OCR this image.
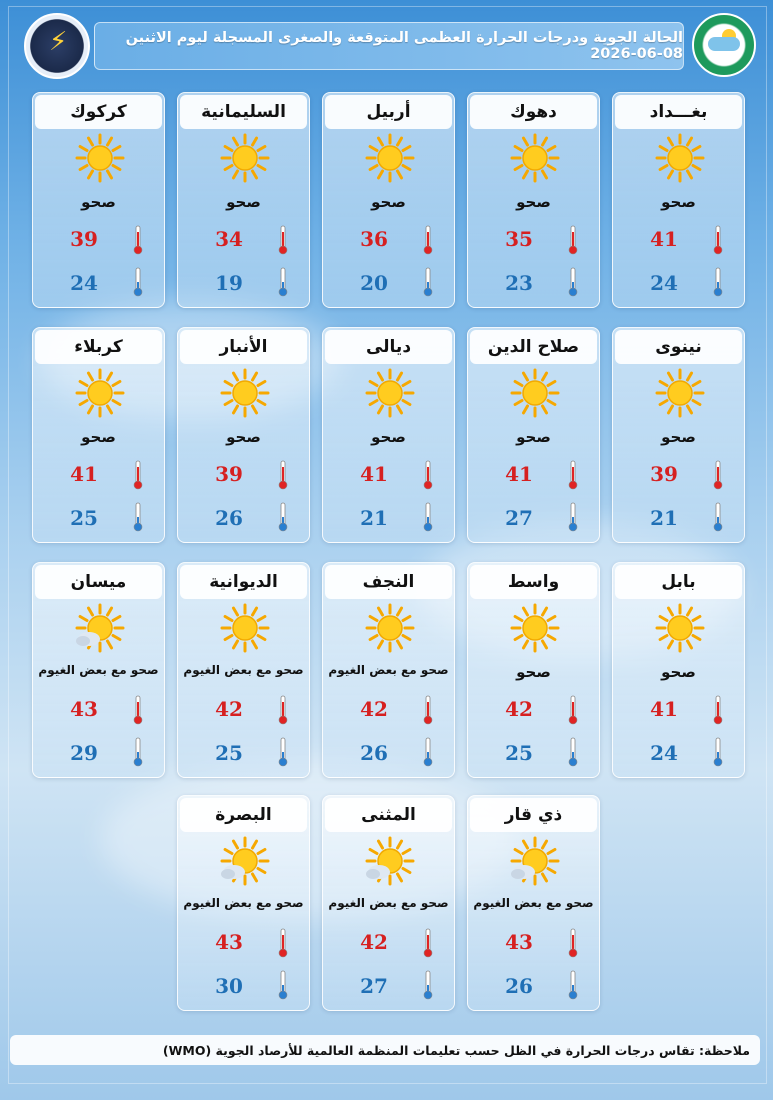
⚡	الحالة الجوية ودرجات الحرارة العظمى المتوقعة والصغرى المسجلة ليوم الاثنين 08-06-2026
بغـــداد
صحو
41
24
دهوك
صحو
35
23
أربيل
صحو
36
20
السليمانية
صحو
34
19
كركوك
صحو
39
24
نينوى
صحو
39
21
صلاح الدين
صحو
41
27
ديالى
صحو
41
21
الأنبار
صحو
39
26
كربلاء
صحو
41
25
بابل
صحو
41
24
واسط
صحو
42
25
النجف
صحو مع بعض الغيوم
42
26
الديوانية
صحو مع بعض الغيوم
42
25
ميسان
صحو مع بعض الغيوم
43
29
ذي قار
صحو مع بعض الغيوم
43
26
المثنى
صحو مع بعض الغيوم
42
27
البصرة
صحو مع بعض الغيوم
43
30
ملاحظة: تقاس درجات الحرارة في الظل حسب تعليمات المنظمة العالمية للأرصاد الجوية (WMO)
